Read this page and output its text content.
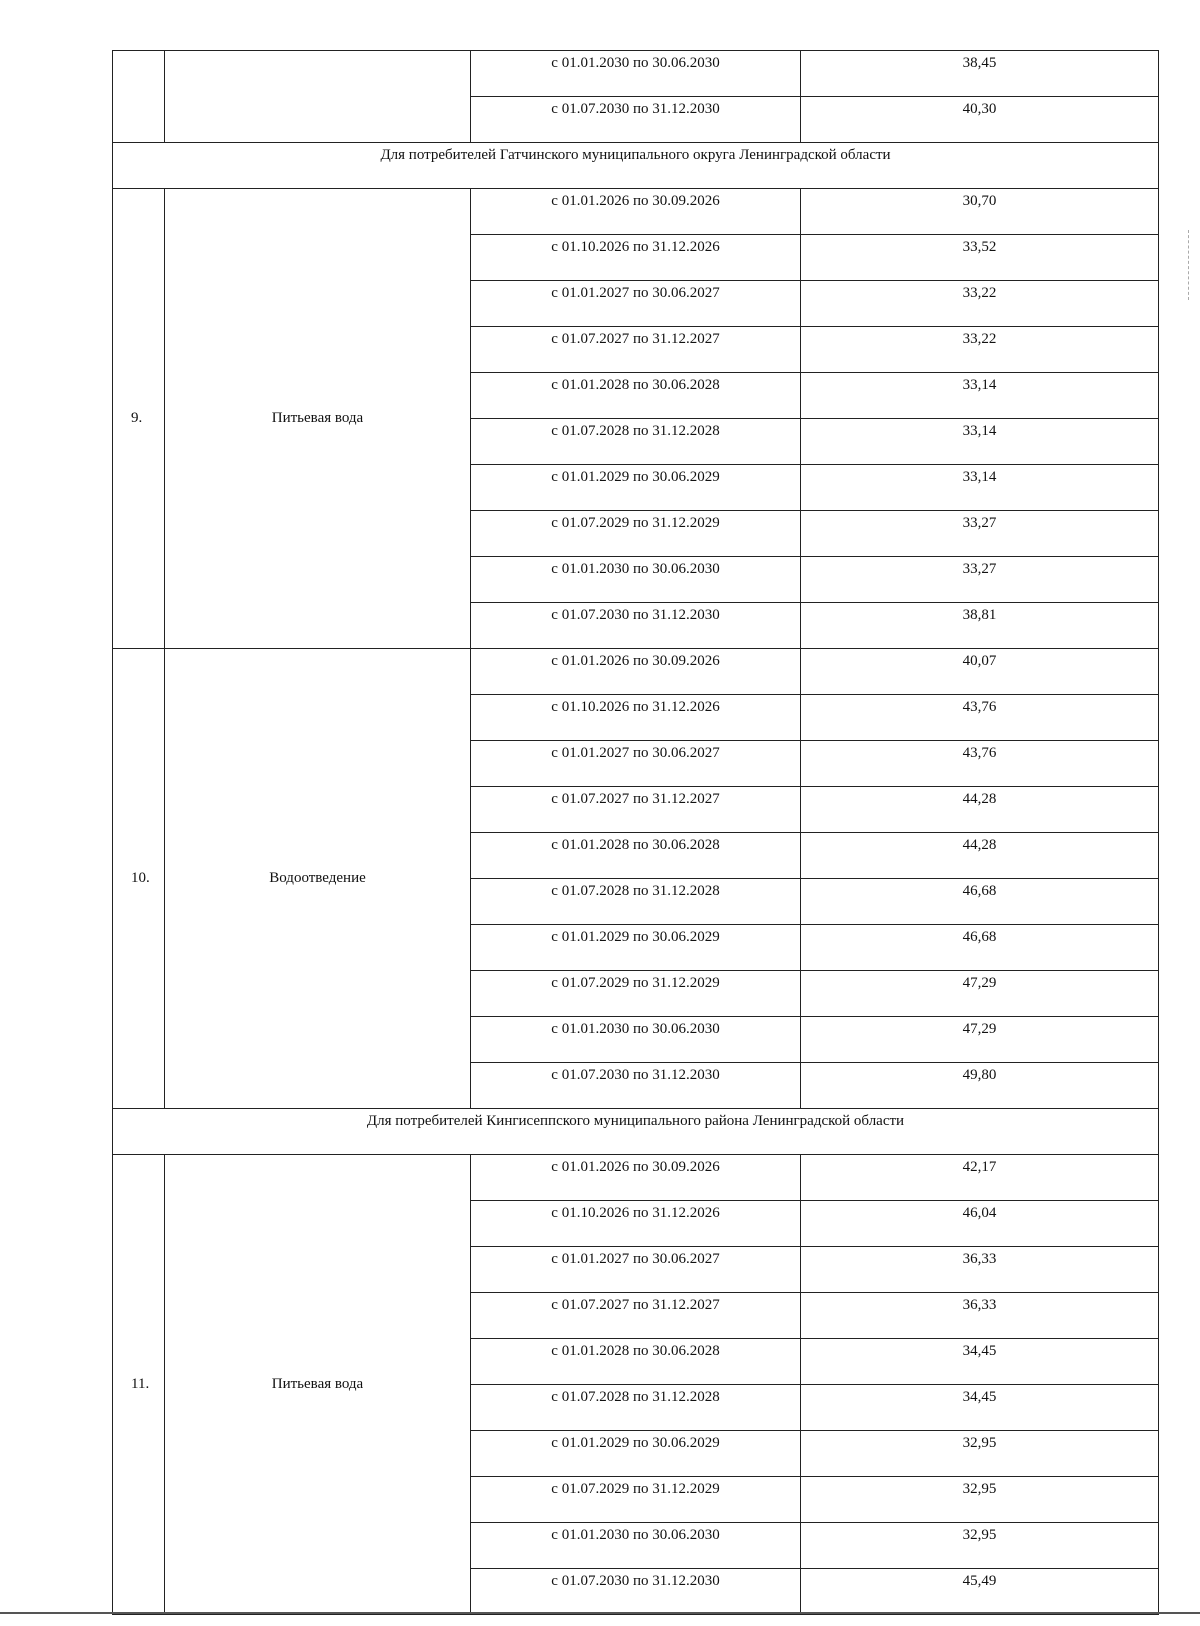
		с 01.01.2030 по 30.06.2030	38,45
		с 01.07.2030 по 31.12.2030	40,30
Для потребителей Гатчинского муниципального округа Ленинградской области			
9.	Питьевая вода	с 01.01.2026 по 30.09.2026	30,70
		с 01.10.2026 по 31.12.2026	33,52
		с 01.01.2027 по 30.06.2027	33,22
		с 01.07.2027 по 31.12.2027	33,22
		с 01.01.2028 по 30.06.2028	33,14
		с 01.07.2028 по 31.12.2028	33,14
		с 01.01.2029 по 30.06.2029	33,14
		с 01.07.2029 по 31.12.2029	33,27
		с 01.01.2030 по 30.06.2030	33,27
		с 01.07.2030 по 31.12.2030	38,81
10.	Водоотведение	с 01.01.2026 по 30.09.2026	40,07
		с 01.10.2026 по 31.12.2026	43,76
		с 01.01.2027 по 30.06.2027	43,76
		с 01.07.2027 по 31.12.2027	44,28
		с 01.01.2028 по 30.06.2028	44,28
		с 01.07.2028 по 31.12.2028	46,68
		с 01.01.2029 по 30.06.2029	46,68
		с 01.07.2029 по 31.12.2029	47,29
		с 01.01.2030 по 30.06.2030	47,29
		с 01.07.2030 по 31.12.2030	49,80
Для потребителей Кингисеппского муниципального района Ленинградской области			
11.	Питьевая вода	с 01.01.2026 по 30.09.2026	42,17
		с 01.10.2026 по 31.12.2026	46,04
		с 01.01.2027 по 30.06.2027	36,33
		с 01.07.2027 по 31.12.2027	36,33
		с 01.01.2028 по 30.06.2028	34,45
		с 01.07.2028 по 31.12.2028	34,45
		с 01.01.2029 по 30.06.2029	32,95
		с 01.07.2029 по 31.12.2029	32,95
		с 01.01.2030 по 30.06.2030	32,95
		с 01.07.2030 по 31.12.2030	45,49
